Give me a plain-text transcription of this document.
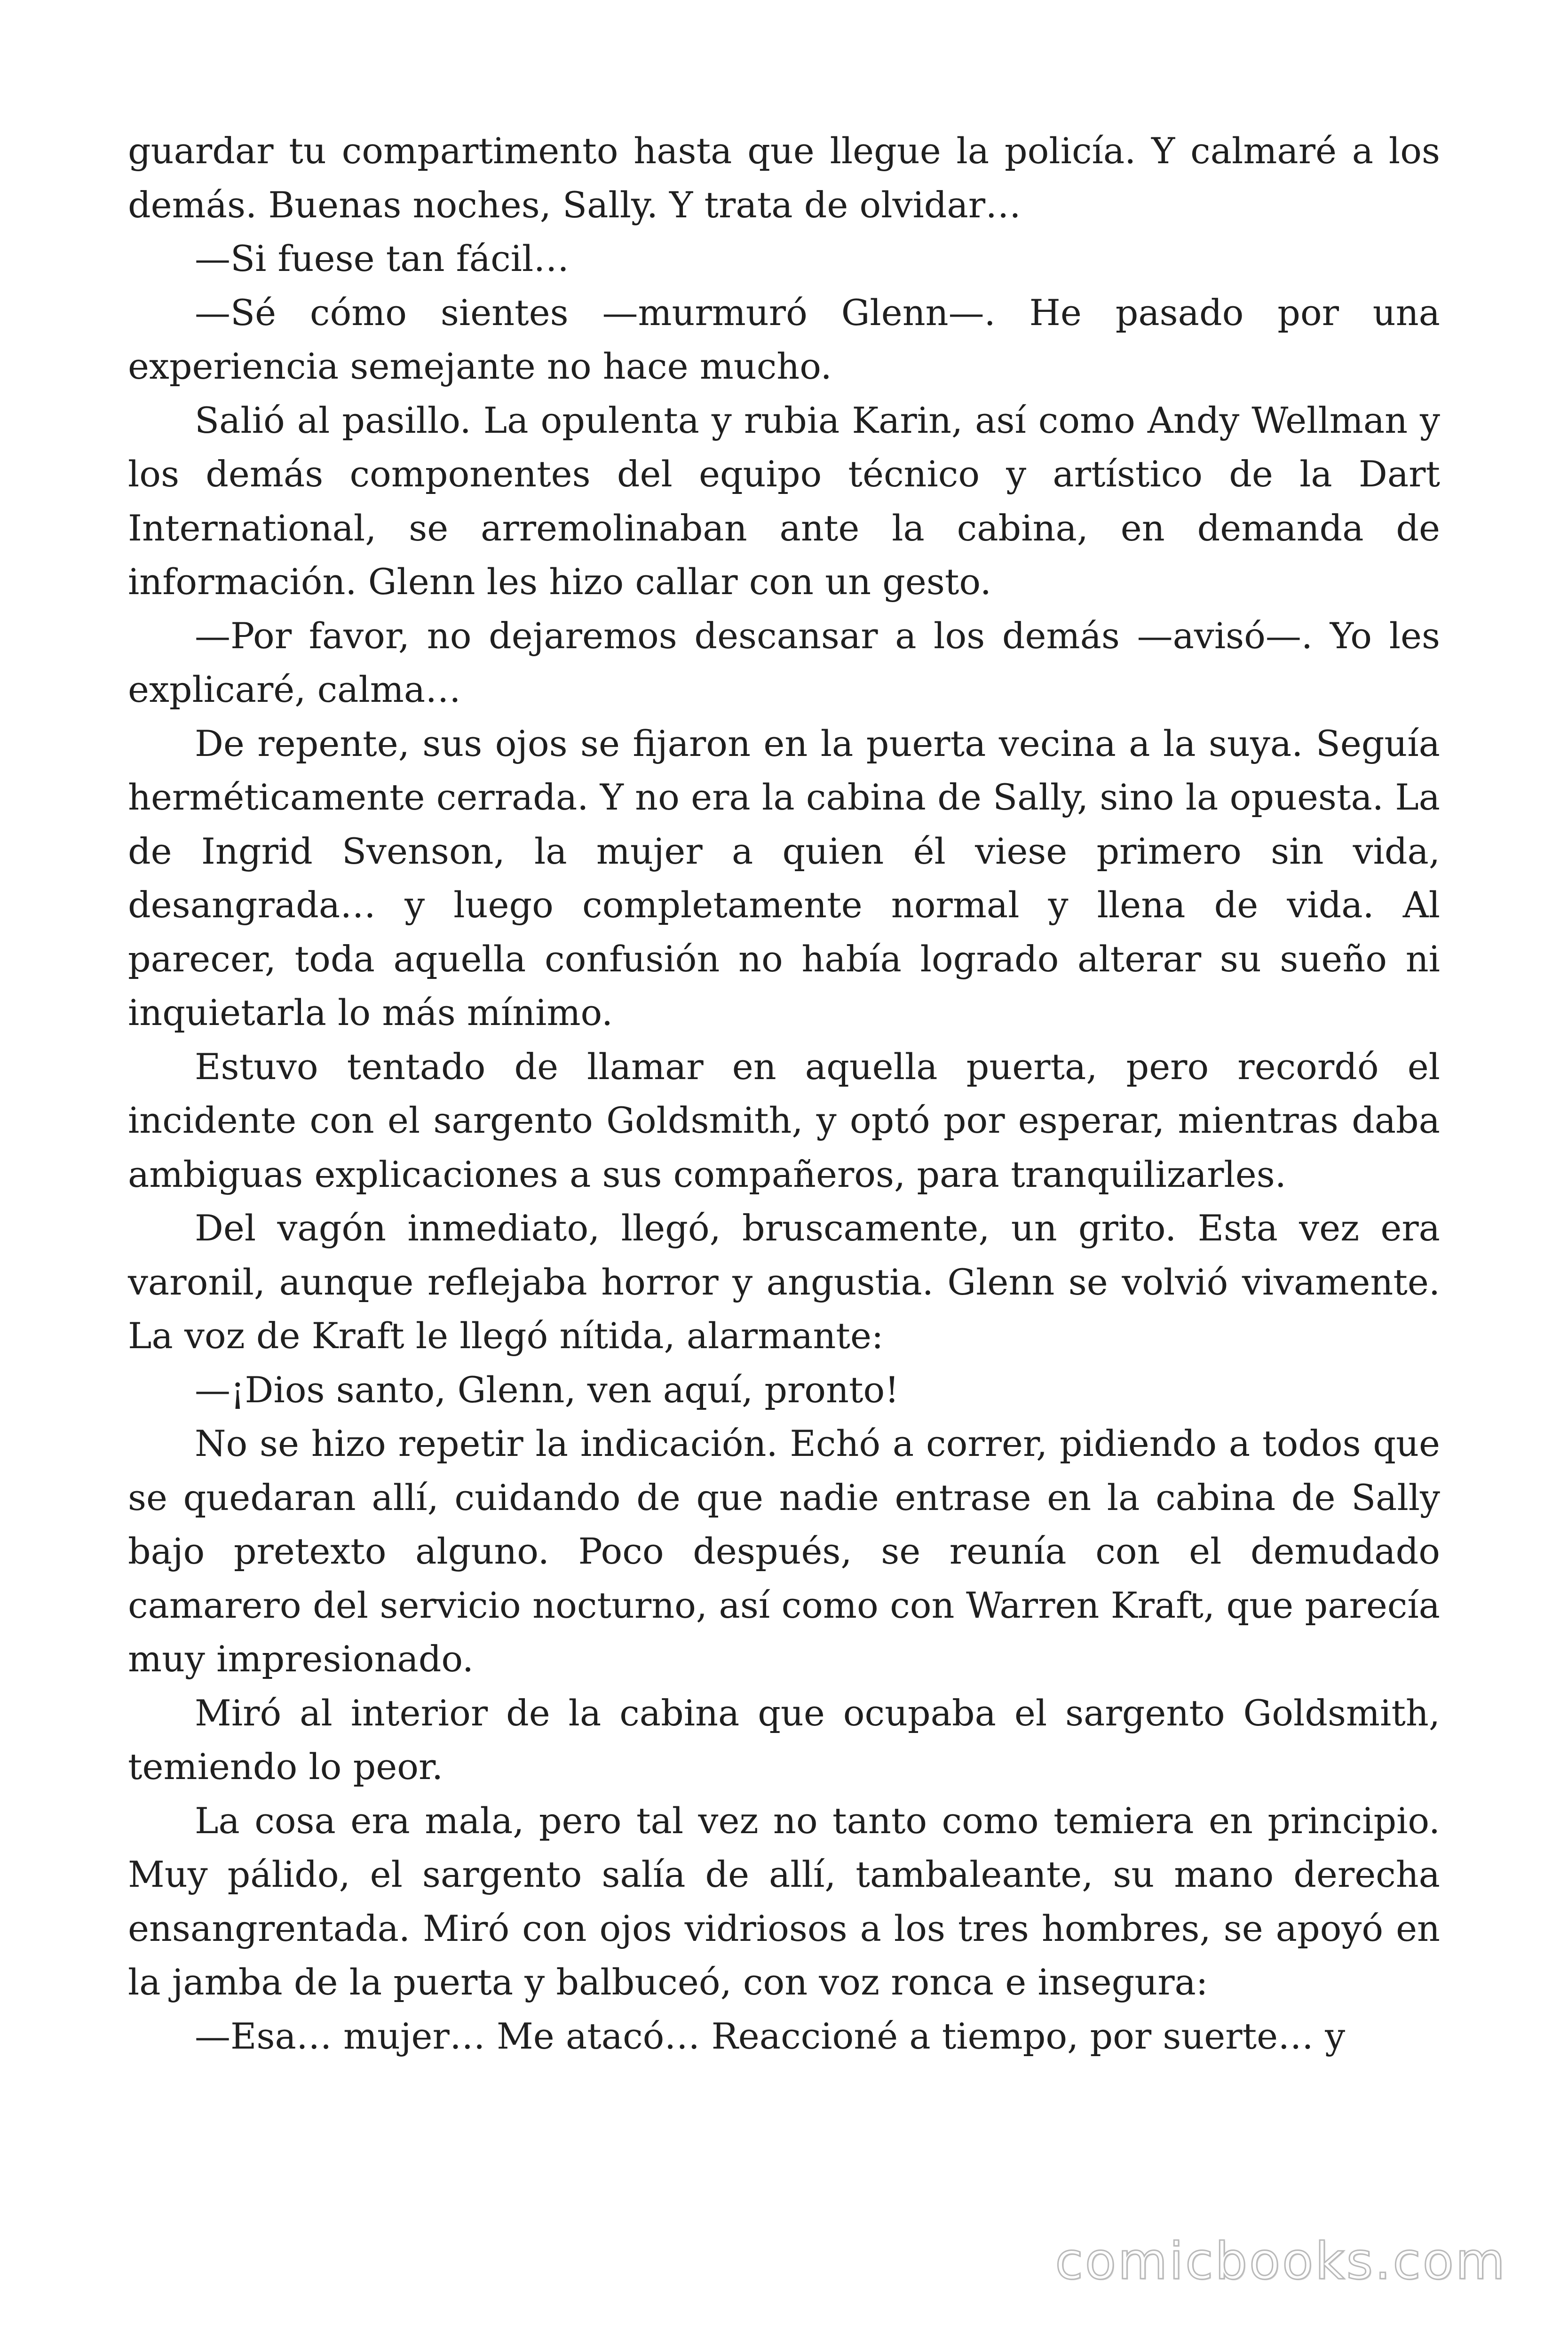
guardar tu compartimento hasta que llegue la policía. Y calmaré a los demás. Buenas noches, Sally. Y trata de olvidar…

—Si fuese tan fácil…

—Sé cómo sientes —murmuró Glenn—. He pasado por una experiencia semejante no hace mucho.

Salió al pasillo. La opulenta y rubia Karin, así como Andy Wellman y los demás componentes del equipo técnico y artístico de la Dart International, se arremolinaban ante la cabina, en demanda de información. Glenn les hizo callar con un gesto.

—Por favor, no dejaremos descansar a los demás —avisó—. Yo les explicaré, calma…

De repente, sus ojos se fijaron en la puerta vecina a la suya. Seguía herméticamente cerrada. Y no era la cabina de Sally, sino la opuesta. La de Ingrid Svenson, la mujer a quien él viese primero sin vida, desangrada… y luego completamente normal y llena de vida. Al parecer, toda aquella confusión no había logrado alterar su sueño ni inquietarla lo más mínimo.

Estuvo tentado de llamar en aquella puerta, pero recordó el incidente con el sargento Goldsmith, y optó por esperar, mientras daba ambiguas explicaciones a sus compañeros, para tranquilizarles.

Del vagón inmediato, llegó, bruscamente, un grito. Esta vez era varonil, aunque reflejaba horror y angustia. Glenn se volvió vivamente. La voz de Kraft le llegó nítida, alarmante:

—¡Dios santo, Glenn, ven aquí, pronto!

No se hizo repetir la indicación. Echó a correr, pidiendo a todos que se quedaran allí, cuidando de que nadie entrase en la cabina de Sally bajo pretexto alguno. Poco después, se reunía con el demudado camarero del servicio nocturno, así como con Warren Kraft, que parecía muy impresionado.

Miró al interior de la cabina que ocupaba el sargento Goldsmith, temiendo lo peor.

La cosa era mala, pero tal vez no tanto como temiera en principio. Muy pálido, el sargento salía de allí, tambaleante, su mano derecha ensangrentada. Miró con ojos vidriosos a los tres hombres, se apoyó en la jamba de la puerta y balbuceó, con voz ronca e insegura:

—Esa… mujer… Me atacó… Reaccioné a tiempo, por suerte… y

comicbooks.com
